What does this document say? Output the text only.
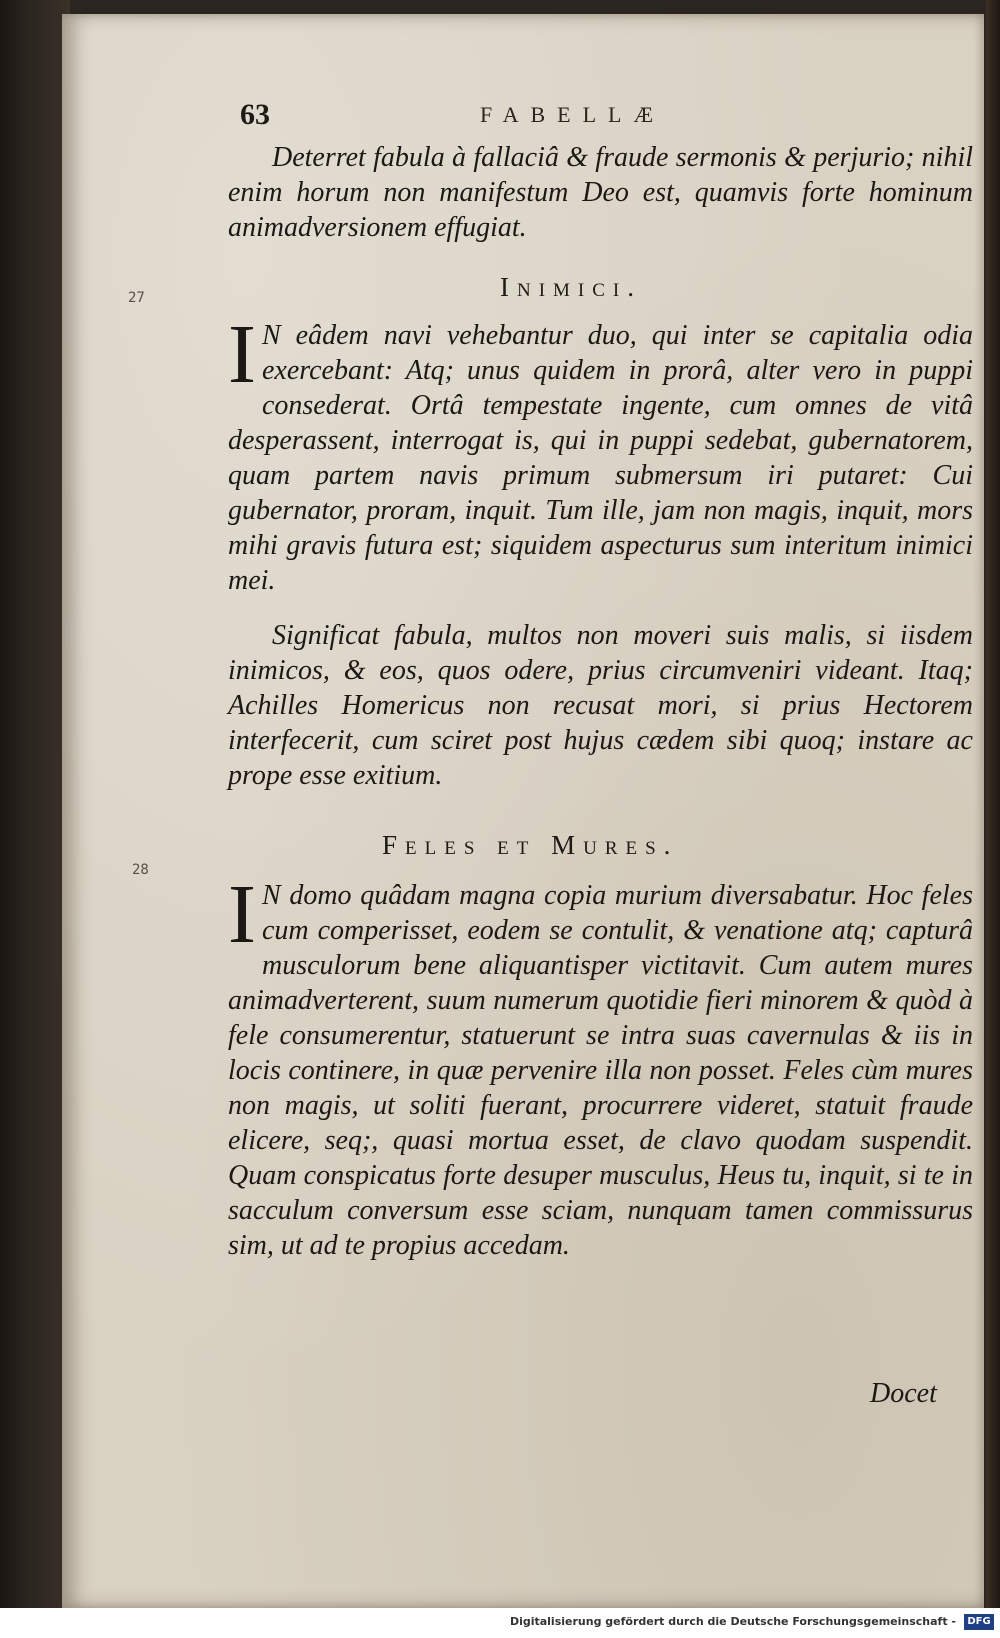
27
28
63	FABELLÆ
Deterret fabula à fallaciâ & fraude sermonis & perjurio; nihil enim horum non manifestum Deo est, quamvis forte hominum animadversionem effugiat.
Inimici.
I N eâdem navi vehebantur duo, qui inter se capitalia odia exercebant: Atq; unus quidem in prorâ, alter vero in puppi consederat. Ortâ tempestate ingente, cum omnes de vitâ desperassent, interrogat is, qui in puppi sedebat, gubernatorem, quam partem navis primum submersum iri putaret: Cui gubernator, proram, inquit. Tum ille, jam non magis, inquit, mors mihi gravis futura est; siquidem aspecturus sum interitum inimici mei.

Significat fabula, multos non moveri suis malis, si iisdem inimicos, & eos, quos odere, prius circumveniri videant. Itaq; Achilles Homericus non recusat mori, si prius Hectorem interfecerit, cum sciret post hujus cædem sibi quoq; instare ac prope esse exitium.
Feles et Mures.
I N domo quâdam magna copia murium diversabatur. Hoc feles cum comperisset, eodem se contulit, & venatione atq; capturâ musculorum bene aliquantisper victitavit. Cum autem mures animadverterent, suum numerum quotidie fieri minorem & quòd à fele consumerentur, statuerunt se intra suas cavernulas & iis in locis continere, in quæ pervenire illa non posset. Feles cùm mures non magis, ut soliti fuerant, procurrere videret, statuit fraude elicere, seq;, quasi mortua esset, de clavo quodam suspendit. Quam conspicatus forte desuper musculus, Heus tu, inquit, si te in sacculum conversum esse sciam, nunquam tamen commissurus sim, ut ad te propius accedam.

Docet
Digitalisierung gefördert durch die Deutsche Forschungsgemeinschaft -	DFG
